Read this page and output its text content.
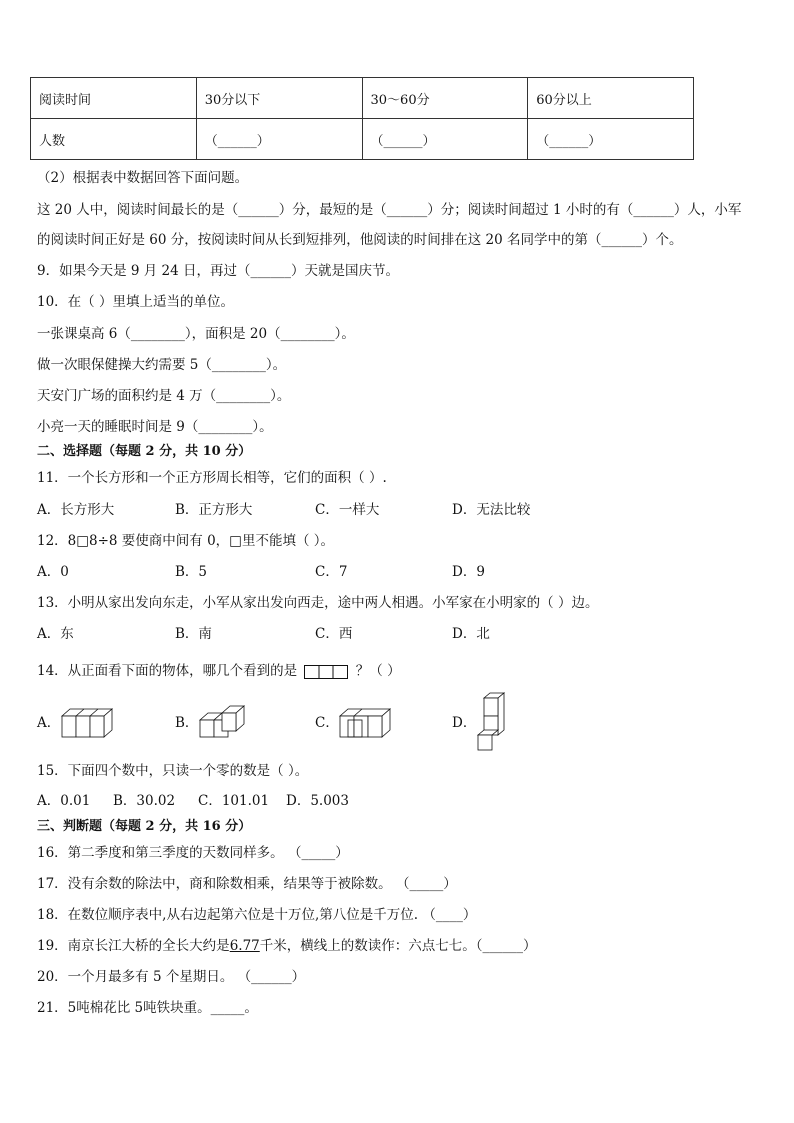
阅读时间	30分以下	30～60分	60分以上
人数	（______）	（______）	（______）
（2）根据表中数据回答下面问题。
这 20 人中，阅读时间最长的是（______）分，最短的是（______）分；阅读时间超过 1 小时的有（______）人，小军
的阅读时间正好是 60 分，按阅读时间从长到短排列，他阅读的时间排在这 20 名同学中的第（______）个。
9．如果今天是 9 月 24 日，再过（______）天就是国庆节。
10．在（ ）里填上适当的单位。
一张课桌高 6（________），面积是 20（________）。
做一次眼保健操大约需要 5（________）。
天安门广场的面积约是 4 万（________）。
小亮一天的睡眠时间是 9（________）。
二、选择题（每题 2 分，共 10 分）
11．一个长方形和一个正方形周长相等，它们的面积（ ）.
A．长方形大	B．正方形大	C．一样大	D．无法比较
12．8□8÷8 要使商中间有 0，□里不能填（ ）。
A．0	B．5	C．7	D．9
13．小明从家出发向东走，小军从家出发向西走，途中两人相遇。小军家在小明家的（ ）边。
A．东	B．南	C．西	D．北
14．从正面看下面的物体，哪几个看到的是	？（ ）
A．	B．	C．	D．
15．下面四个数中，只读一个零的数是（ ）。
A．0.01 B．30.02 C．101.01 D．5.003
三、判断题（每题 2 分，共 16 分）
16．第二季度和第三季度的天数同样多。 （_____）
17．没有余数的除法中，商和除数相乘，结果等于被除数。 （_____）
18．在数位顺序表中,从右边起第六位是十万位,第八位是千万位. （____）
19．南京长江大桥的全长大约是6.77千米，横线上的数读作：六点七七。（______）
20．一个月最多有 5 个星期日。 （______）
21．5吨棉花比 5吨铁块重。_____。
